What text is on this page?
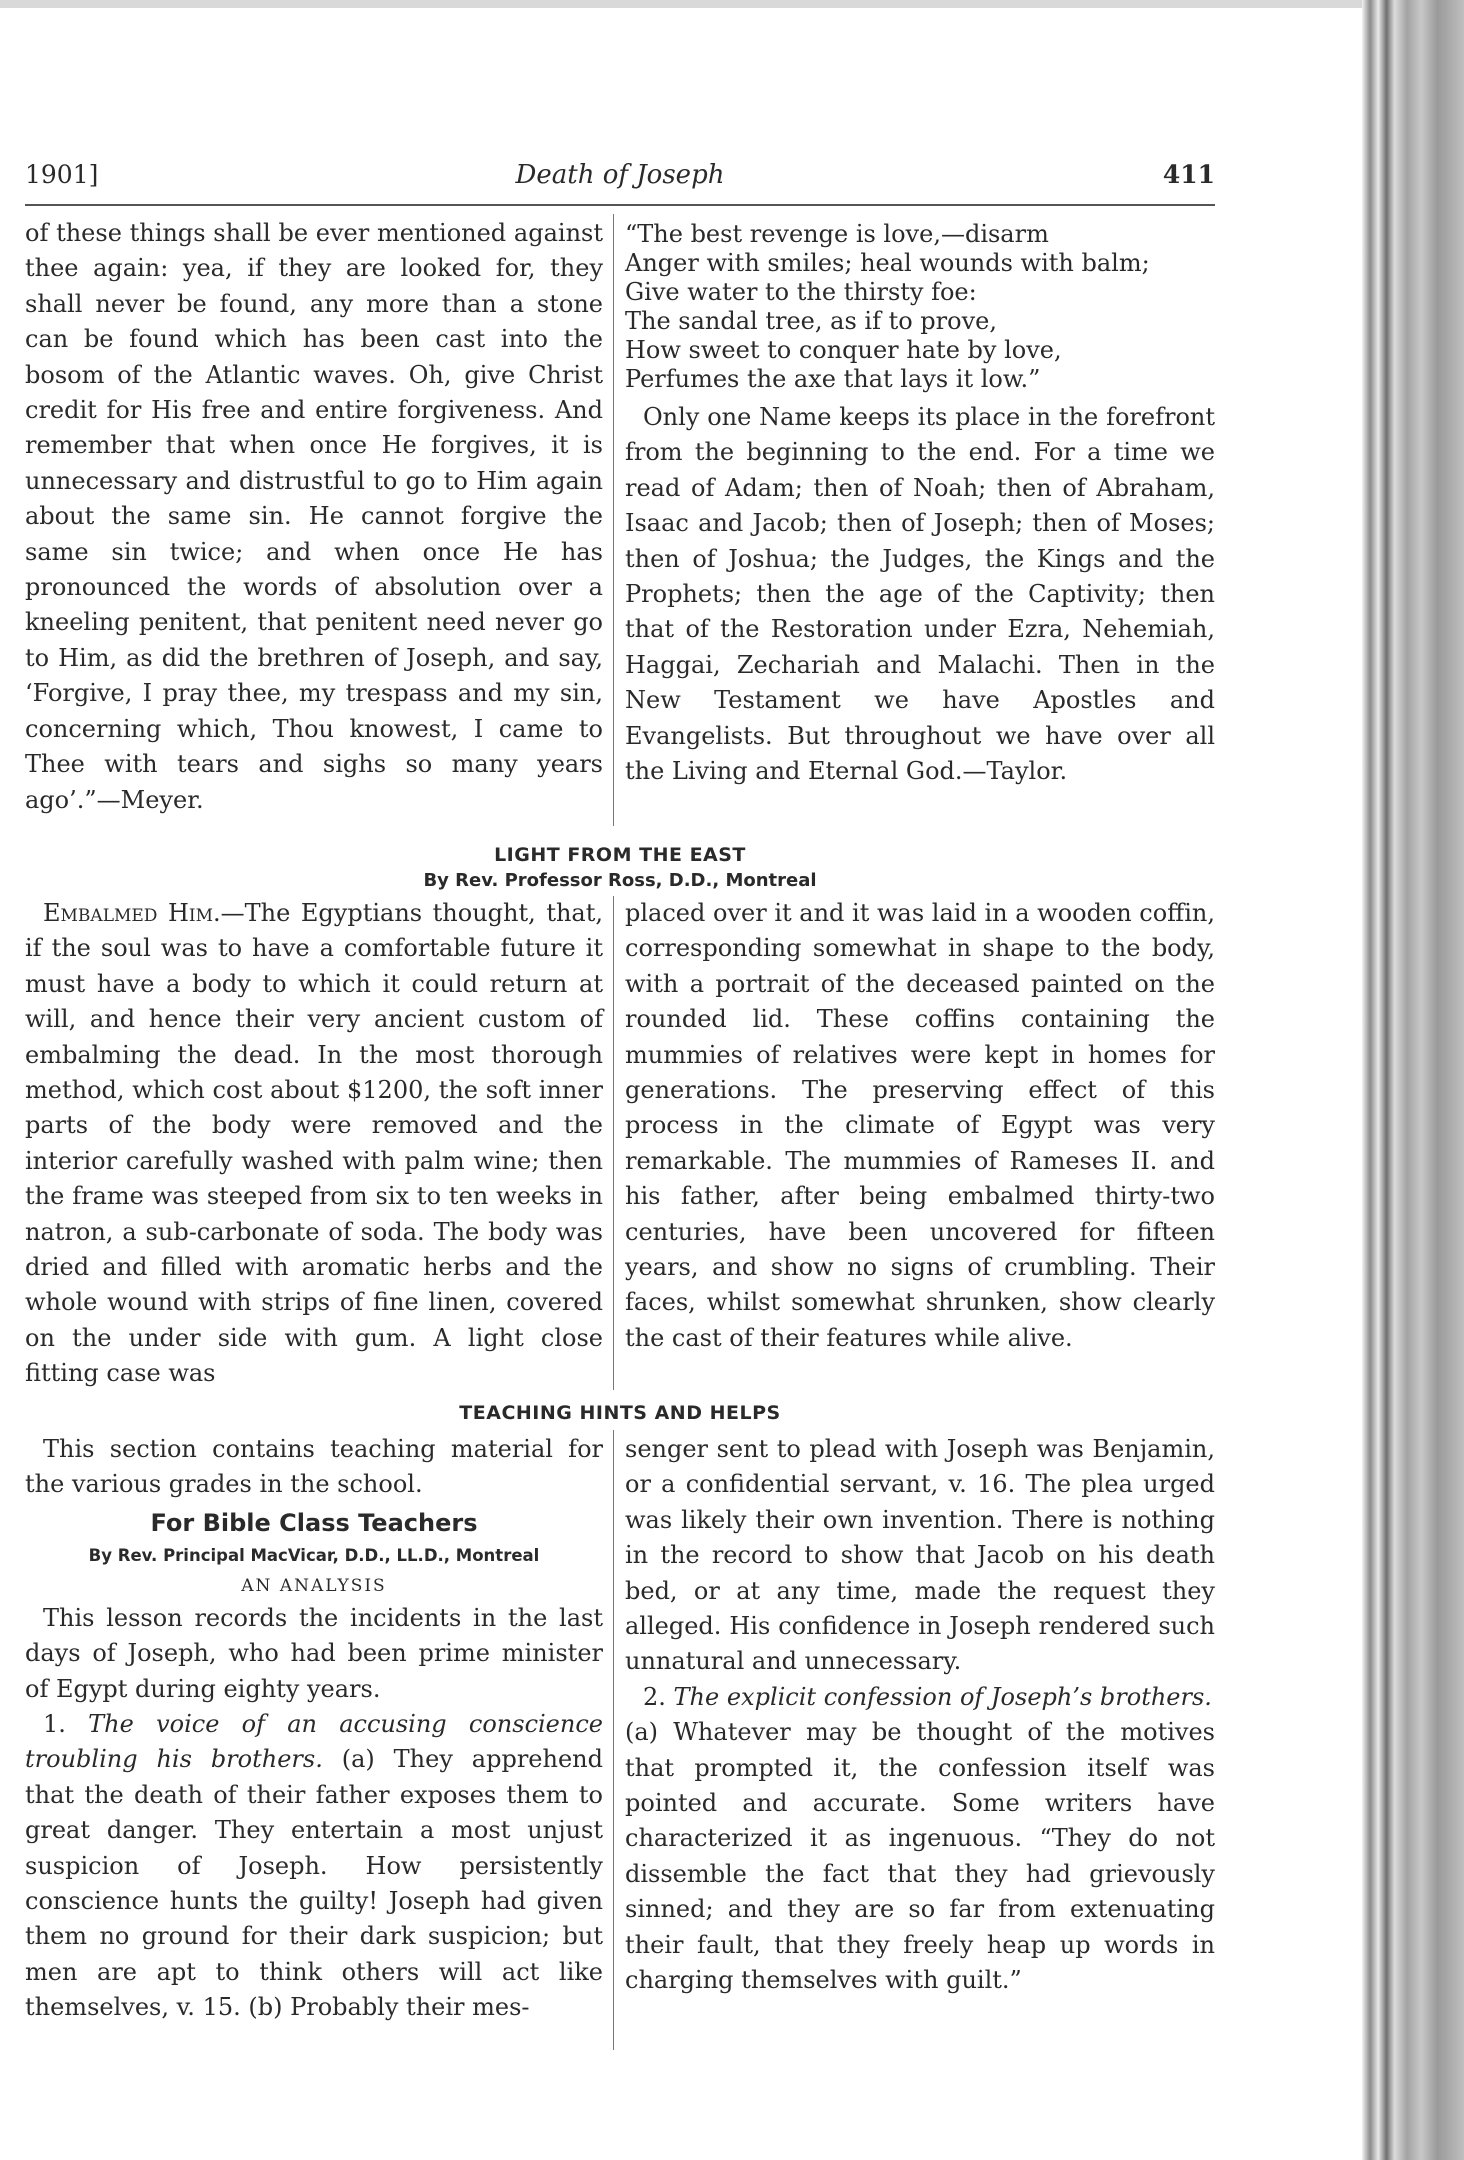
1901]	Death of Joseph	411

of these things shall be ever mentioned against thee again: yea, if they are looked for, they shall never be found, any more than a stone can be found which has been cast into the bosom of the Atlantic waves. Oh, give Christ credit for His free and entire forgiveness. And remember that when once He forgives, it is unnecessary and distrustful to go to Him again about the same sin. He cannot forgive the same sin twice; and when once He has pronounced the words of absolution over a kneeling penitent, that penitent need never go to Him, as did the brethren of Joseph, and say, ‘Forgive, I pray thee, my trespass and my sin, concerning which, Thou knowest, I came to Thee with tears and sighs so many years ago’.”—Meyer.

“The best revenge is love,—disarm
Anger with smiles; heal wounds with balm;
Give water to the thirsty foe:
The sandal tree, as if to prove,
How sweet to conquer hate by love,
Perfumes the axe that lays it low.”

Only one Name keeps its place in the forefront from the beginning to the end. For a time we read of Adam; then of Noah; then of Abraham, Isaac and Jacob; then of Joseph; then of Moses; then of Joshua; the Judges, the Kings and the Prophets; then the age of the Captivity; then that of the Restoration under Ezra, Nehemiah, Haggai, Zechariah and Malachi. Then in the New Testament we have Apostles and Evangelists. But throughout we have over all the Living and Eternal God.—Taylor.

LIGHT FROM THE EAST
By Rev. Professor Ross, D.D., Montreal

Embalmed Him.—The Egyptians thought, that, if the soul was to have a comfortable future it must have a body to which it could return at will, and hence their very ancient custom of embalming the dead. In the most thorough method, which cost about $1200, the soft inner parts of the body were removed and the interior carefully washed with palm wine; then the frame was steeped from six to ten weeks in natron, a sub-carbonate of soda. The body was dried and filled with aromatic herbs and the whole wound with strips of fine linen, covered on the under side with gum. A light close fitting case was

placed over it and it was laid in a wooden coffin, corresponding somewhat in shape to the body, with a portrait of the deceased painted on the rounded lid. These coffins containing the mummies of relatives were kept in homes for generations. The preserving effect of this process in the climate of Egypt was very remarkable. The mummies of Rameses II. and his father, after being embalmed thirty-two centuries, have been uncovered for fifteen years, and show no signs of crumbling. Their faces, whilst somewhat shrunken, show clearly the cast of their features while alive.

TEACHING HINTS AND HELPS

This section contains teaching material for the various grades in the school.

For Bible Class Teachers
By Rev. Principal MacVicar, D.D., LL.D., Montreal
AN ANALYSIS

This lesson records the incidents in the last days of Joseph, who had been prime minister of Egypt during eighty years.

1. The voice of an accusing conscience troubling his brothers. (a) They apprehend that the death of their father exposes them to great danger. They entertain a most unjust suspicion of Joseph. How persistently conscience hunts the guilty! Joseph had given them no ground for their dark suspicion; but men are apt to think others will act like themselves, v. 15. (b) Probably their mes-

senger sent to plead with Joseph was Benjamin, or a confidential servant, v. 16. The plea urged was likely their own invention. There is nothing in the record to show that Jacob on his death bed, or at any time, made the request they alleged. His confidence in Joseph rendered such unnatural and unnecessary.

2. The explicit confession of Joseph’s brothers.

(a) Whatever may be thought of the motives that prompted it, the confession itself was pointed and accurate. Some writers have characterized it as ingenuous. “They do not dissemble the fact that they had grievously sinned; and they are so far from extenuating their fault, that they freely heap up words in charging themselves with guilt.”
